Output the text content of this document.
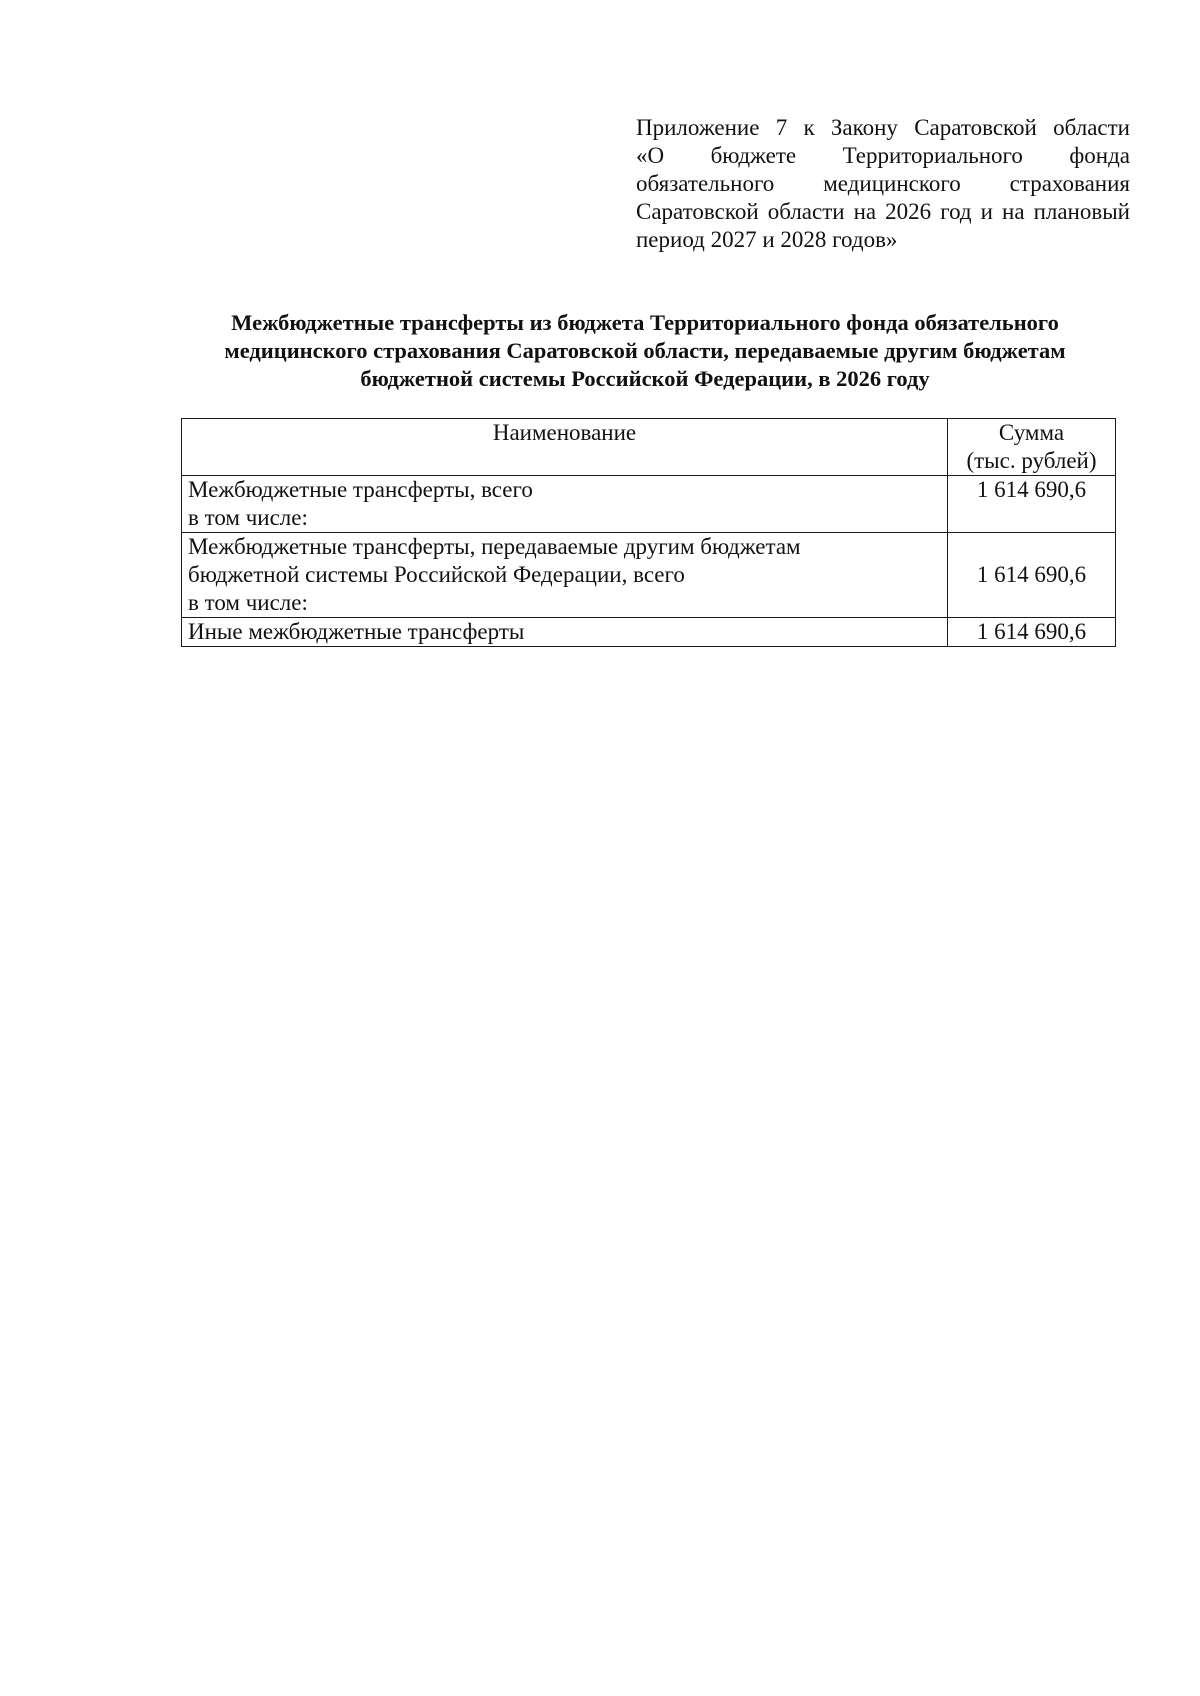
Приложение 7 к Закону Саратовской области
«О бюджете Территориального фонда
обязательного медицинского страхования
Саратовской области на 2026 год и на плановый
период 2027 и 2028 годов»
Межбюджетные трансферты из бюджета Территориального фонда обязательного
медицинского страхования Саратовской области, передаваемые другим бюджетам
бюджетной системы Российской Федерации, в 2026 году
Наименование	Сумма
(тыс. рублей)

Межбюджетные трансферты, всего
в том числе:	1 614 690,6

Межбюджетные трансферты, передаваемые другим бюджетам
бюджетной системы Российской Федерации, всего
в том числе:	1 614 690,6

Иные межбюджетные трансферты	1 614 690,6
